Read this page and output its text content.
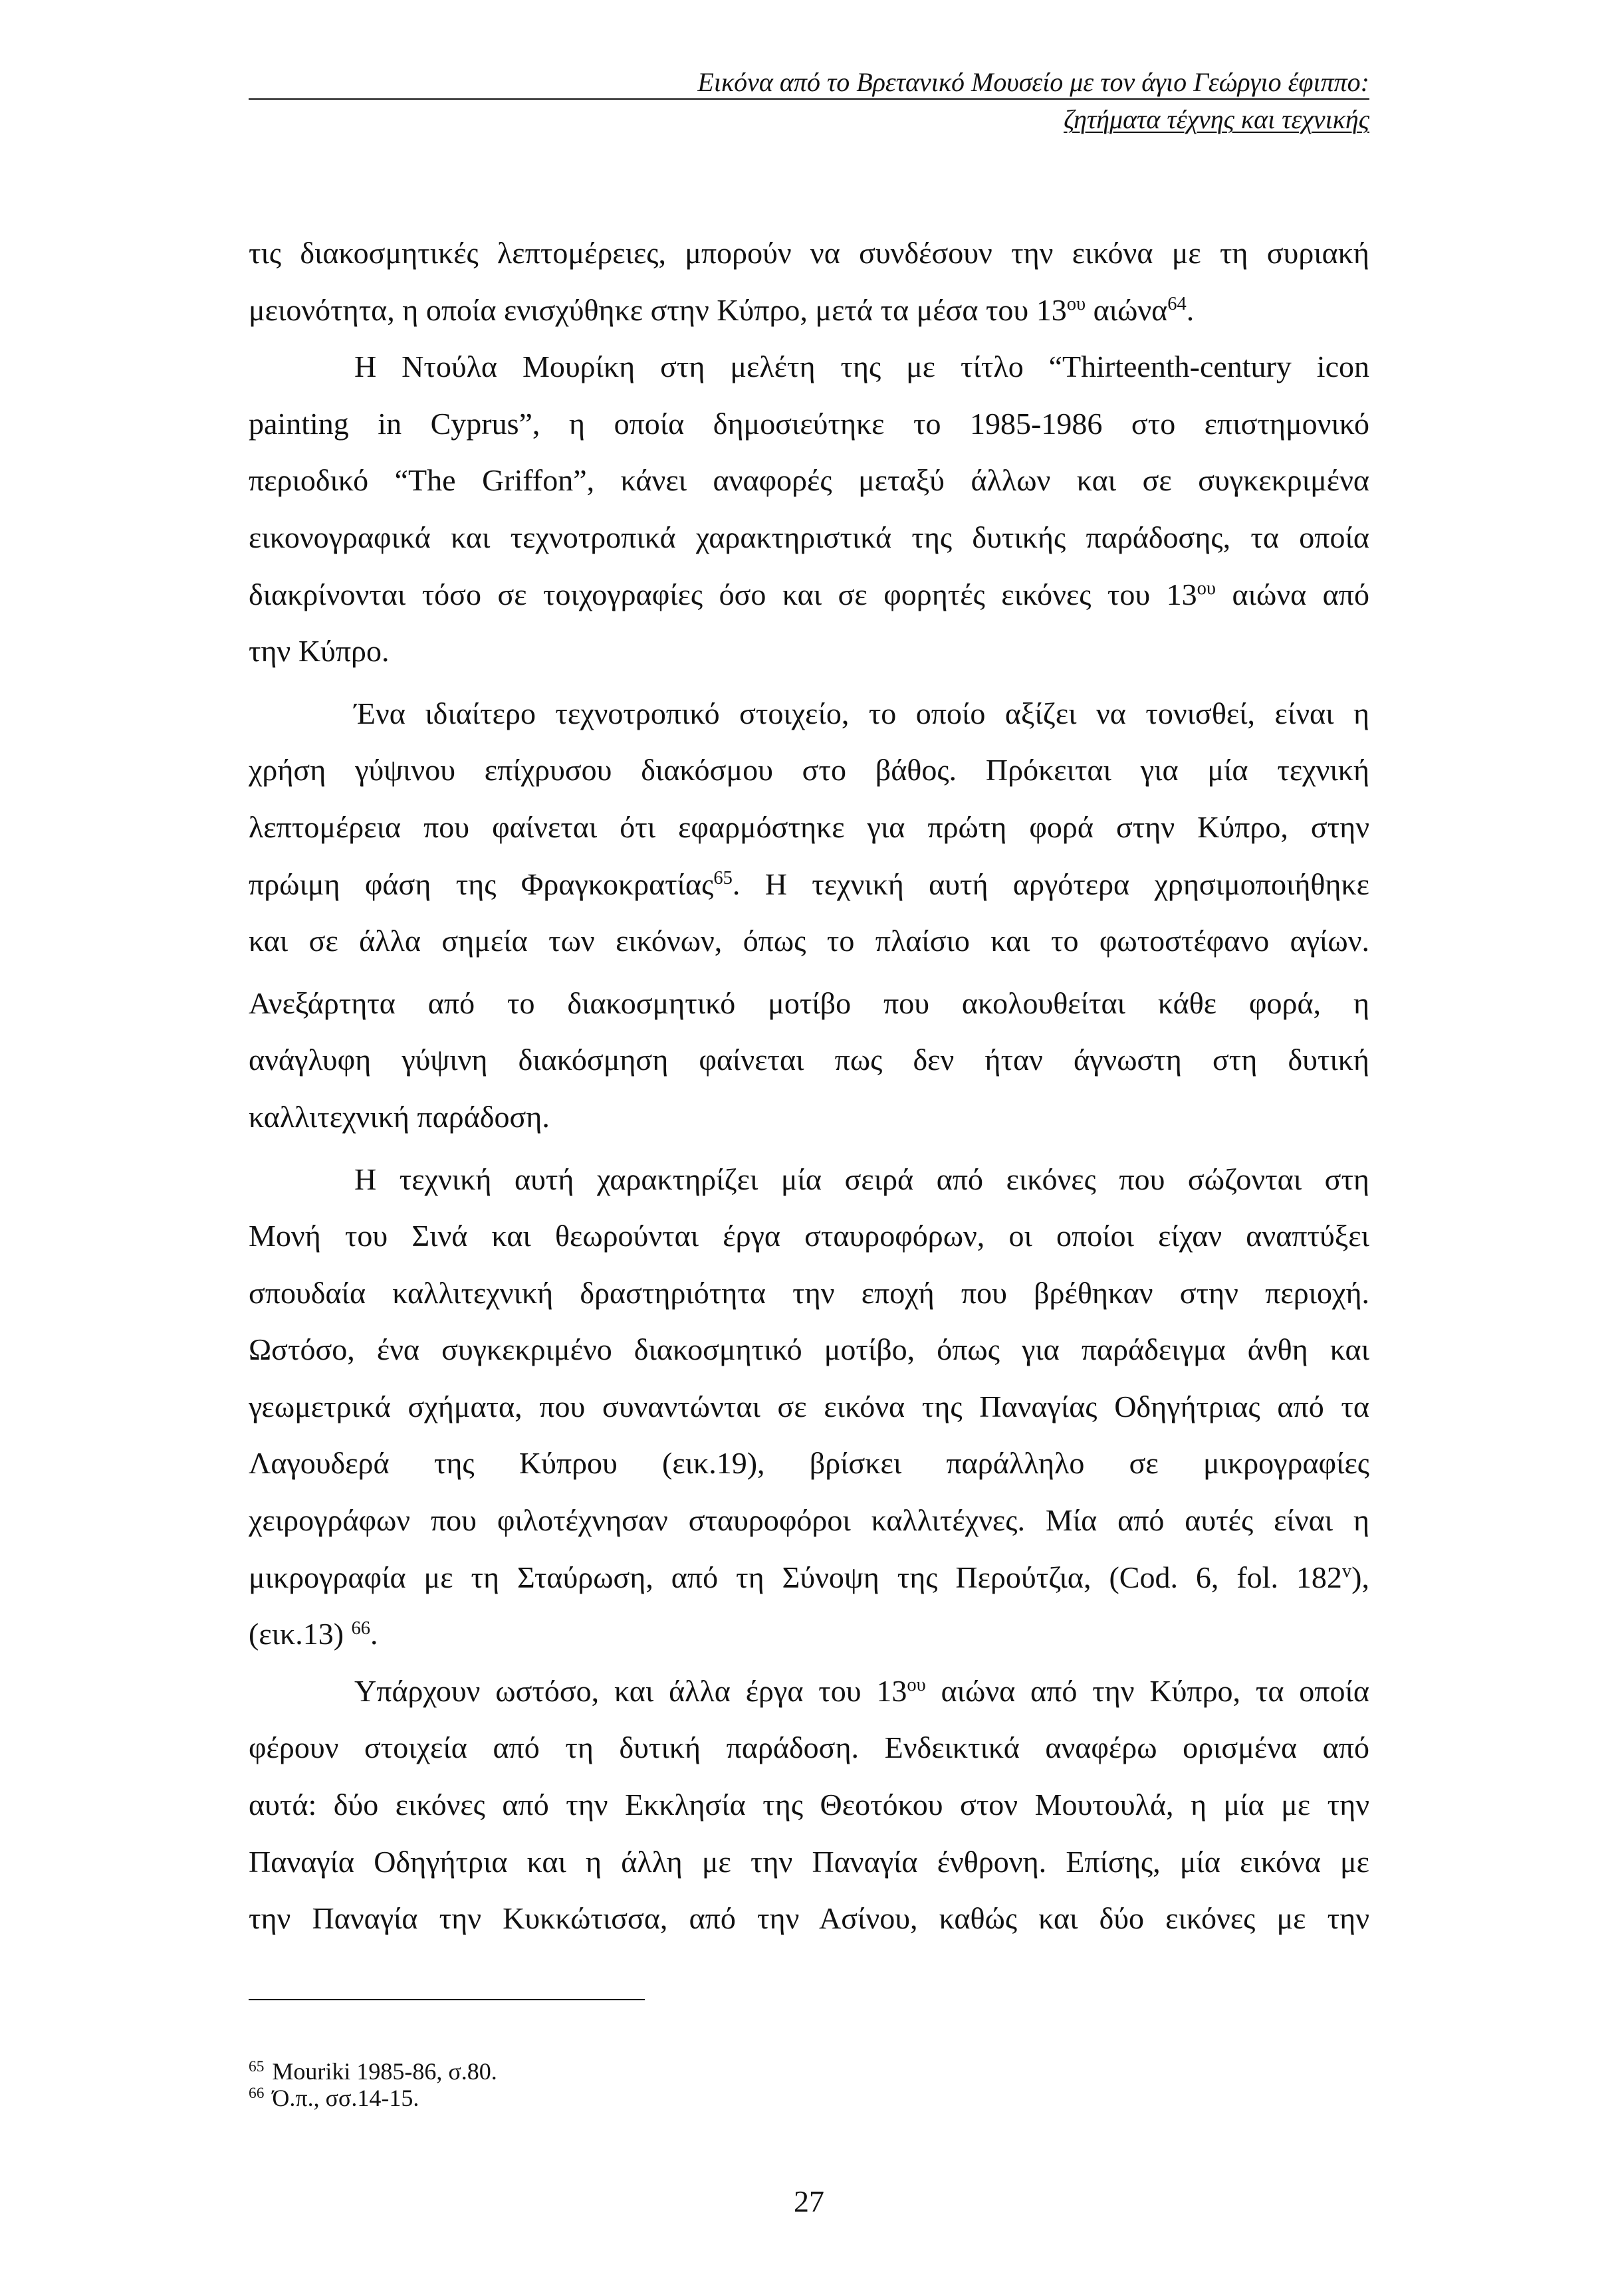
Εικόνα από το Βρετανικό Μουσείο με τον άγιο Γεώργιο έφιππο:
ζητήματα τέχνης και τεχνικής
τις διακοσμητικές λεπτομέρειες, μπορούν να συνδέσουν την εικόνα με τη συριακή
μειονότητα, η οποία ενισχύθηκε στην Κύπρο, μετά τα μέσα του $13^{o\upsilon}$ αιώνα$^{64}$.
Η Ντούλα Μουρίκη στη μελέτη της με τίτλο “Thirteenth-century icon
painting in Cyprus”, η οποία δημοσιεύτηκε το 1985-1986 στο επιστημονικό
περιοδικό “The Griffon”, κάνει αναφορές μεταξύ άλλων και σε συγκεκριμένα
εικονογραφικά και τεχνοτροπικά χαρακτηριστικά της δυτικής παράδοσης, τα οποία
διακρίνονται τόσο σε τοιχογραφίες όσο και σε φορητές εικόνες του $13^{o\upsilon}$ αιώνα από
την Κύπρο.
Ένα ιδιαίτερο τεχνοτροπικό στοιχείο, το οποίο αξίζει να τονισθεί, είναι η
χρήση γύψινου επίχρυσου διακόσμου στο βάθος. Πρόκειται για μία τεχνική
λεπτομέρεια που φαίνεται ότι εφαρμόστηκε για πρώτη φορά στην Κύπρο, στην
πρώιμη φάση της Φραγκοκρατίας$^{65}$. Η τεχνική αυτή αργότερα χρησιμοποιήθηκε
και σε άλλα σημεία των εικόνων, όπως το πλαίσιο και το φωτοστέφανο αγίων.
Ανεξάρτητα από το διακοσμητικό μοτίβο που ακολουθείται κάθε φορά, η
ανάγλυφη γύψινη διακόσμηση φαίνεται πως δεν ήταν άγνωστη στη δυτική
καλλιτεχνική παράδοση.
Η τεχνική αυτή χαρακτηρίζει μία σειρά από εικόνες που σώζονται στη
Μονή του Σινά και θεωρούνται έργα σταυροφόρων, οι οποίοι είχαν αναπτύξει
σπουδαία καλλιτεχνική δραστηριότητα την εποχή που βρέθηκαν στην περιοχή.
Ωστόσο, ένα συγκεκριμένο διακοσμητικό μοτίβο, όπως για παράδειγμα άνθη και
γεωμετρικά σχήματα, που συναντώνται σε εικόνα της Παναγίας Οδηγήτριας από τα
Λαγουδερά της Κύπρου (εικ.19), βρίσκει παράλληλο σε μικρογραφίες
χειρογράφων που φιλοτέχνησαν σταυροφόροι καλλιτέχνες. Μία από αυτές είναι η
μικρογραφία με τη Σταύρωση, από τη Σύνοψη της Περούτζια, (Cod. 6, fol. 182$^v$),
(εικ.13) $^{66}$.
Υπάρχουν ωστόσο, και άλλα έργα του $13^{o\upsilon}$ αιώνα από την Κύπρο, τα οποία
φέρουν στοιχεία από τη δυτική παράδοση. Ενδεικτικά αναφέρω ορισμένα από
αυτά: δύο εικόνες από την Εκκλησία της Θεοτόκου στον Μουτουλά, η μία με την
Παναγία Οδηγήτρια και η άλλη με την Παναγία ένθρονη. Επίσης, μία εικόνα με
την Παναγία την Κυκκώτισσα, από την Ασίνου, καθώς και δύο εικόνες με την
$^{65}$ Mouriki 1985-86, σ.80.
$^{66}$ Ό.π., σσ.14-15.
27
